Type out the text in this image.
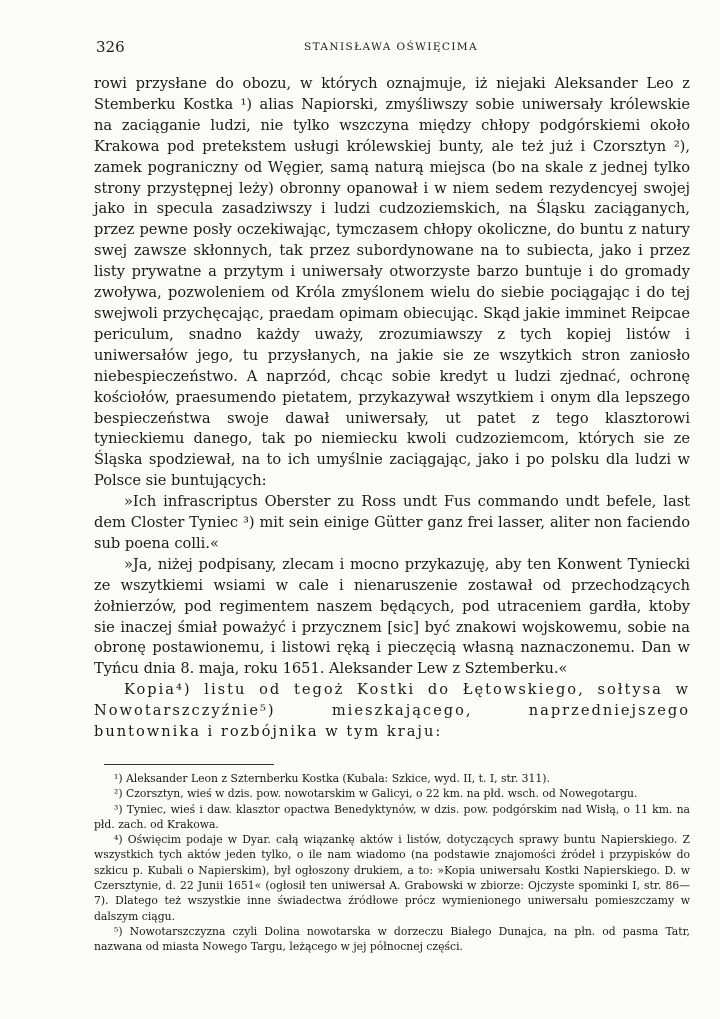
326	STANISŁAWA OŚWIĘCIMA

rowi przysłane do obozu, w których oznajmuje, iż niejaki Aleksander Leo z Stemberku Kostka ¹) alias Napiorski, zmyśliwszy sobie uniwersały królewskie na zaciąganie ludzi, nie tylko wszczyna między chłopy podgórskiemi około Krakowa pod pretekstem usługi królewskiej bunty, ale też już i Czorsztyn ²), zamek pograniczny od Węgier, samą naturą miejsca (bo na skale z jednej tylko strony przystępnej leży) obronny opanował i w niem sedem rezydencyej swojej jako in specula zasadziwszy i ludzi cudzoziemskich, na Śląsku zaciąganych, przez pewne posły oczekiwając, tymczasem chłopy okoliczne, do buntu z natury swej zawsze skłonnych, tak przez subordynowane na to subiecta, jako i przez listy prywatne a przytym i uniwersały otworzyste barzo buntuje i do gromady zwoływa, pozwoleniem od Króla zmyślonem wielu do siebie pociągając i do tej swejwoli przychęcając, praedam opimam obiecując. Skąd jakie imminet Reipcae periculum, snadno każdy uważy, zrozumiawszy z tych kopiej listów i uniwersałów jego, tu przysłanych, na jakie sie ze wszytkich stron zaniosło niebespieczeństwo. A naprzód, chcąc sobie kredyt u ludzi zjednać, ochronę kościołów, praesumendo pietatem, przykazywał wszytkiem i onym dla lepszego bespieczeństwa swoje dawał uniwersały, ut patet z tego klasztorowi tynieckiemu danego, tak po niemiecku kwoli cudzoziemcom, których sie ze Śląska spodziewał, na to ich umyślnie zaciągając, jako i po polsku dla ludzi w Polsce sie buntujących:

»Ich infrascriptus Oberster zu Ross undt Fus commando undt befele, last dem Closter Tyniec ³) mit sein einige Gütter ganz frei lasser, aliter non faciendo sub poena colli.«

»Ja, niżej podpisany, zlecam i mocno przykazuję, aby ten Konwent Tyniecki ze wszytkiemi wsiami w cale i nienaruszenie zostawał od przechodzących żołnierzów, pod regimentem naszem będących, pod utraceniem gardła, ktoby sie inaczej śmiał poważyć i przycznem [sic] być znakowi wojskowemu, sobie na obronę postawionemu, i listowi ręką i pieczęcią własną naznaczonemu. Dan w Tyńcu dnia 8. maja, roku 1651. Aleksander Lew z Sztemberku.«

Kopia⁴) listu od tegoż Kostki do Łętowskiego, sołtysa w Nowotarszczyźnie⁵) mieszkającego, naprzedniejszego buntownika i rozbójnika w tym kraju:

¹) Aleksander Leon z Szternberku Kostka (Kubala: Szkice, wyd. II, t. I, str. 311).

²) Czorsztyn, wieś w dzis. pow. nowotarskim w Galicyi, o 22 km. na płd. wsch. od Nowegotargu.

³) Tyniec, wieś i daw. klasztor opactwa Benedyktynów, w dzis. pow. podgórskim nad Wisłą, o 11 km. na płd. zach. od Krakowa.

⁴) Oświęcim podaje w Dyar. całą wiązankę aktów i listów, dotyczących sprawy buntu Napierskiego. Z wszystkich tych aktów jeden tylko, o ile nam wiadomo (na podstawie znajomości źródeł i przypisków do szkicu p. Kubali o Napierskim), był ogłoszony drukiem, a to: »Kopia uniwersału Kostki Napierskiego. D. w Czersztynie, d. 22 Junii 1651« (ogłosił ten uniwersał A. Grabowski w zbiorze: Ojczyste spominki I, str. 86—7). Dlatego też wszystkie inne świadectwa źródłowe prócz wymienionego uniwersału pomieszczamy w dalszym ciągu.

⁵) Nowotarszczyzna czyli Dolina nowotarska w dorzeczu Białego Dunajca, na płn. od pasma Tatr, nazwana od miasta Nowego Targu, leżącego w jej północnej części.
